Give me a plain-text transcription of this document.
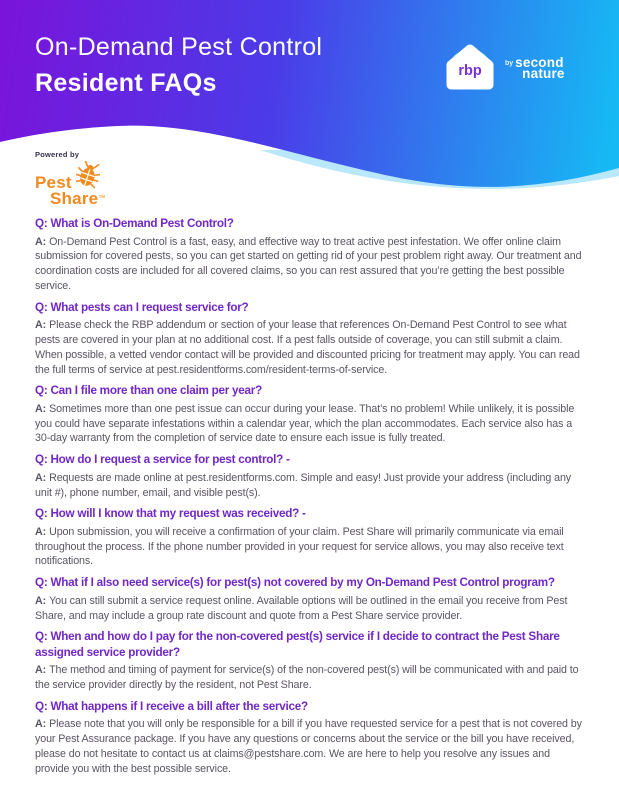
On-Demand Pest Control
Resident FAQs	rbp	by second
nature
Powered by
Pest
Share™
Q: What is On-Demand Pest Control?

A: On-Demand Pest Control is a fast, easy, and effective way to treat active pest infestation. We offer online claim submission for covered pests, so you can get started on getting rid of your pest problem right away. Our treatment and coordination costs are included for all covered claims, so you can rest assured that you’re getting the best possible service.

Q: What pests can I request service for?

A: Please check the RBP addendum or section of your lease that references On-Demand Pest Control to see what pests are covered in your plan at no additional cost. If a pest falls outside of coverage, you can still submit a claim. When possible, a vetted vendor contact will be provided and discounted pricing for treatment may apply. You can read the full terms of service at pest.residentforms.com/resident-terms-of-service.

Q: Can I file more than one claim per year?

A: Sometimes more than one pest issue can occur during your lease. That’s no problem! While unlikely, it is possible you could have separate infestations within a calendar year, which the plan accommodates. Each service also has a 30-day warranty from the completion of service date to ensure each issue is fully treated.

Q: How do I request a service for pest control? -

A: Requests are made online at pest.residentforms.com. Simple and easy! Just provide your address (including any unit #), phone number, email, and visible pest(s).

Q: How will I know that my request was received? -

A: Upon submission, you will receive a confirmation of your claim. Pest Share will primarily communicate via email throughout the process. If the phone number provided in your request for service allows, you may also receive text notifications.

Q: What if I also need service(s) for pest(s) not covered by my On-Demand Pest Control program?

A: You can still submit a service request online. Available options will be outlined in the email you receive from Pest Share, and may include a group rate discount and quote from a Pest Share service provider.

Q: When and how do I pay for the non-covered pest(s) service if I decide to contract the Pest Share assigned service provider?

A: The method and timing of payment for service(s) of the non-covered pest(s) will be communicated with and paid to the service provider directly by the resident, not Pest Share.

Q: What happens if I receive a bill after the service?

A: Please note that you will only be responsible for a bill if you have requested service for a pest that is not covered by your Pest Assurance package. If you have any questions or concerns about the service or the bill you have received, please do not hesitate to contact us at claims@pestshare.com. We are here to help you resolve any issues and provide you with the best possible service.
